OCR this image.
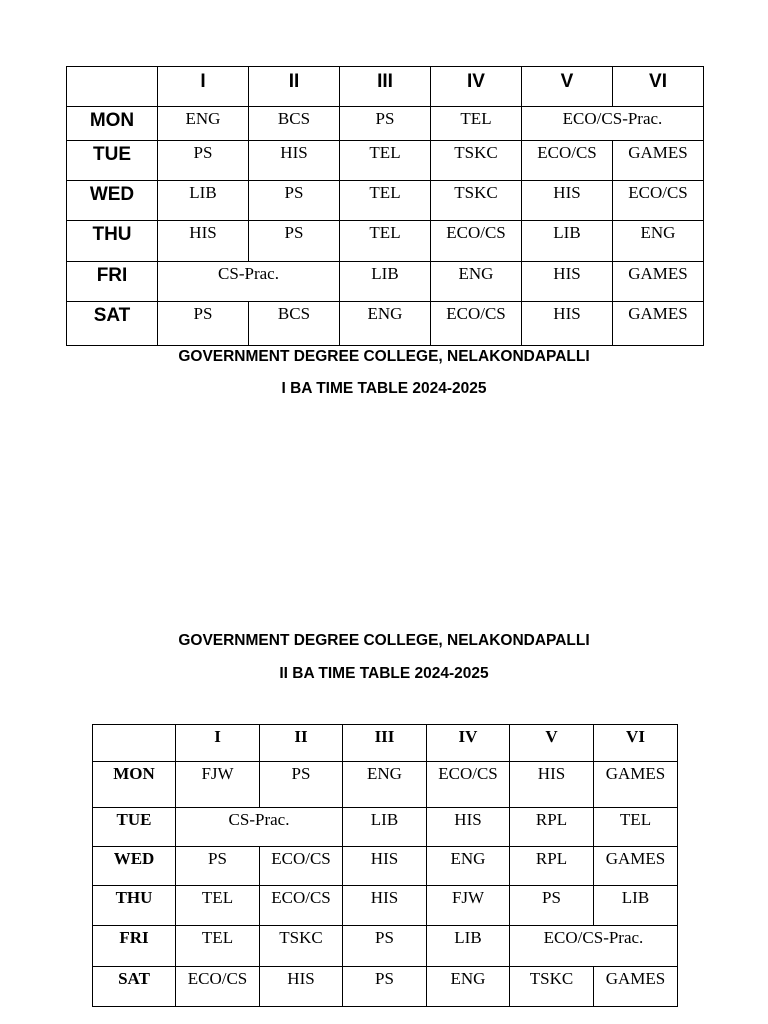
	I	II	III	IV	V	VI
MON	ENG	BCS	PS	TEL	ECO/CS-Prac.	
TUE	PS	HIS	TEL	TSKC	ECO/CS	GAMES
WED	LIB	PS	TEL	TSKC	HIS	ECO/CS
THU	HIS	PS	TEL	ECO/CS	LIB	ENG
FRI	CS-Prac.		LIB	ENG	HIS	GAMES
SAT	PS	BCS	ENG	ECO/CS	HIS	GAMES
GOVERNMENT DEGREE COLLEGE, NELAKONDAPALLI
I BA TIME TABLE 2024-2025
GOVERNMENT DEGREE COLLEGE, NELAKONDAPALLI
II BA TIME TABLE 2024-2025
	I	II	III	IV	V	VI
MON	FJW	PS	ENG	ECO/CS	HIS	GAMES
TUE	CS-Prac.		LIB	HIS	RPL	TEL
WED	PS	ECO/CS	HIS	ENG	RPL	GAMES
THU	TEL	ECO/CS	HIS	FJW	PS	LIB
FRI	TEL	TSKC	PS	LIB	ECO/CS-Prac.	
SAT	ECO/CS	HIS	PS	ENG	TSKC	GAMES
